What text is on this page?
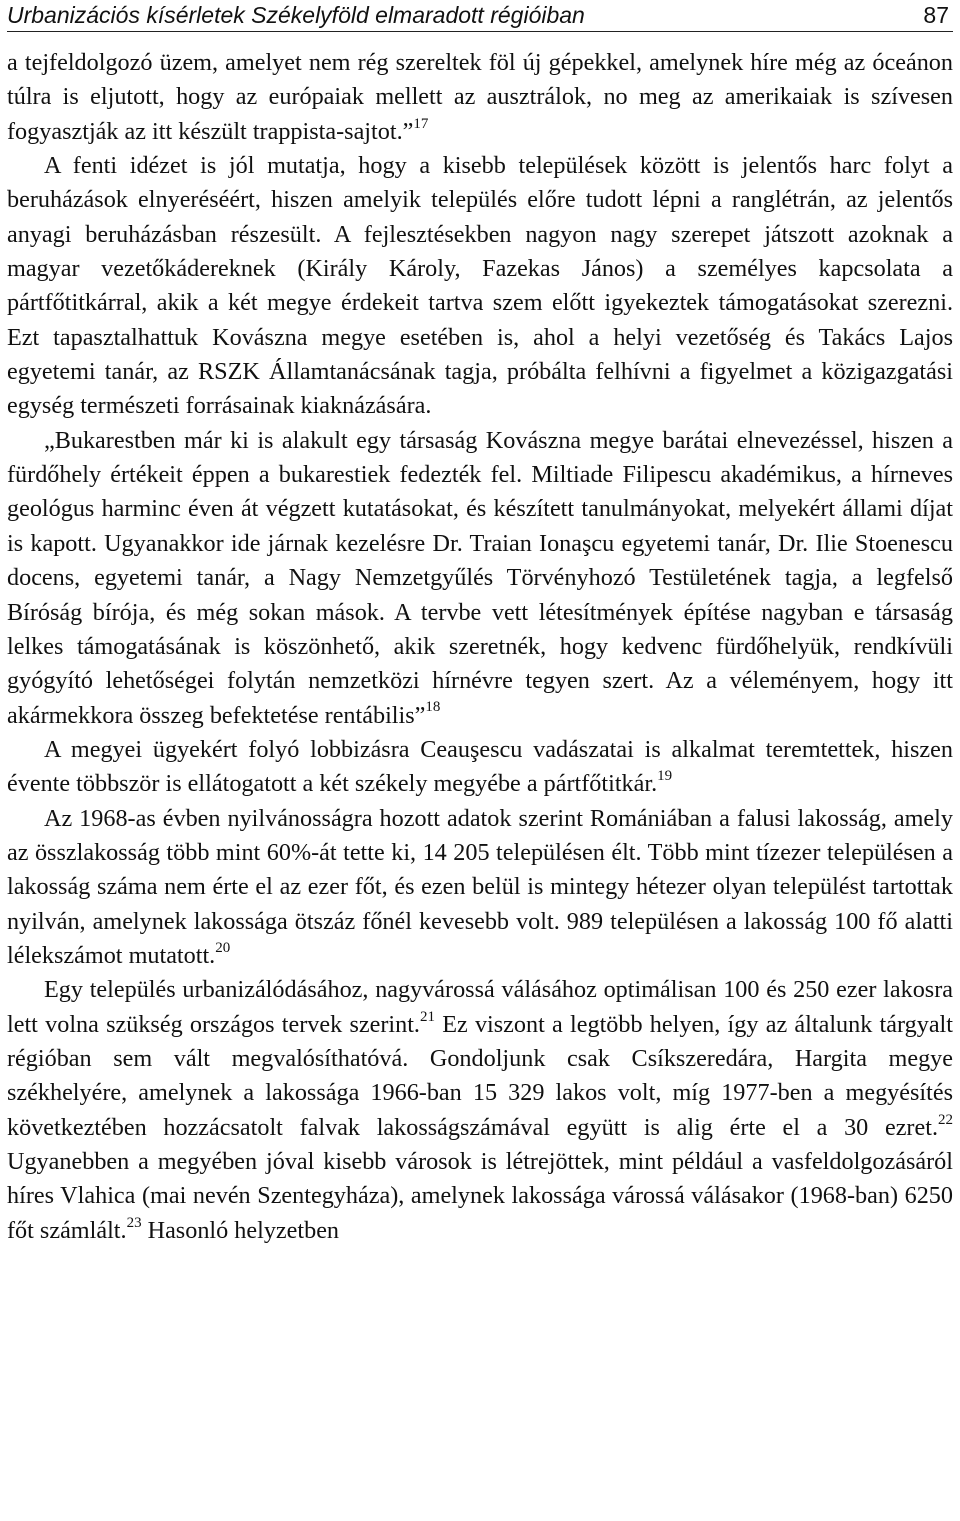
Urbanizációs kísérletek Székelyföld elmaradott régióiban	87

a tejfeldolgozó üzem, amelyet nem rég szereltek föl új gépekkel, amelynek híre még az óceánon túlra is eljutott, hogy az európaiak mellett az ausztrálok, no meg az amerikaiak is szívesen fogyasztják az itt készült trappista-sajtot.”$^{17}$

A fenti idézet is jól mutatja, hogy a kisebb települések között is jelentős harc folyt a beruházások elnyeréséért, hiszen amelyik település előre tudott lépni a ranglétrán, az jelentős anyagi beruházásban részesült. A fejlesztésekben nagyon nagy szerepet játszott azoknak a magyar vezetőkádereknek (Király Károly, Fazekas János) a személyes kapcsolata a pártfőtitkárral, akik a két megye érdekeit tartva szem előtt igyekeztek támogatásokat szerezni. Ezt tapasztalhattuk Kovászna megye esetében is, ahol a helyi vezetőség és Takács Lajos egyetemi tanár, az RSZK Államtanácsának tagja, próbálta felhívni a figyelmet a közigazgatási egység természeti forrásainak kiaknázására.

„Bukarestben már ki is alakult egy társaság Kovászna megye barátai elnevezéssel, hiszen a fürdőhely értékeit éppen a bukarestiek fedezték fel. Miltiade Filipescu akadémikus, a hírneves geológus harminc éven át végzett kutatásokat, és készített tanulmányokat, melyekért állami díjat is kapott. Ugyanakkor ide járnak kezelésre Dr. Traian Ionaşcu egyetemi tanár, Dr. Ilie Stoenescu docens, egyetemi tanár, a Nagy Nemzetgyűlés Törvényhozó Testületének tagja, a legfelső Bíróság bírója, és még sokan mások. A tervbe vett létesítmények építése nagyban e társaság lelkes támogatásának is köszönhető, akik szeretnék, hogy kedvenc fürdőhelyük, rendkívüli gyógyító lehetőségei folytán nemzetközi hírnévre tegyen szert. Az a véleményem, hogy itt akármekkora összeg befektetése rentábilis”$^{18}$

A megyei ügyekért folyó lobbizásra Ceauşescu vadászatai is alkalmat teremtettek, hiszen évente többször is ellátogatott a két székely megyébe a pártfőtitkár.$^{19}$

Az 1968-as évben nyilvánosságra hozott adatok szerint Romániában a falusi lakosság, amely az összlakosság több mint 60%-át tette ki, 14 205 településen élt. Több mint tízezer településen a lakosság száma nem érte el az ezer főt, és ezen belül is mintegy hétezer olyan települést tartottak nyilván, amelynek lakossága ötszáz főnél kevesebb volt. 989 településen a lakosság 100 fő alatti lélekszámot mutatott.$^{20}$

Egy település urbanizálódásához, nagyvárossá válásához optimálisan 100 és 250 ezer lakosra lett volna szükség országos tervek szerint.$^{21}$ Ez viszont a legtöbb helyen, így az általunk tárgyalt régióban sem vált megvalósíthatóvá. Gondoljunk csak Csíkszeredára, Hargita megye székhelyére, amelynek a lakossága 1966-ban 15 329 lakos volt, míg 1977-ben a megyésítés következtében hozzácsatolt falvak lakosságszámával együtt is alig érte el a 30 ezret.$^{22}$ Ugyanebben a megyében jóval kisebb városok is létrejöttek, mint például a vasfeldolgozásáról híres Vlahica (mai nevén Szentegyháza), amelynek lakossága várossá válásakor (1968-ban) 6250 főt számlált.$^{23}$ Hasonló helyzetben
